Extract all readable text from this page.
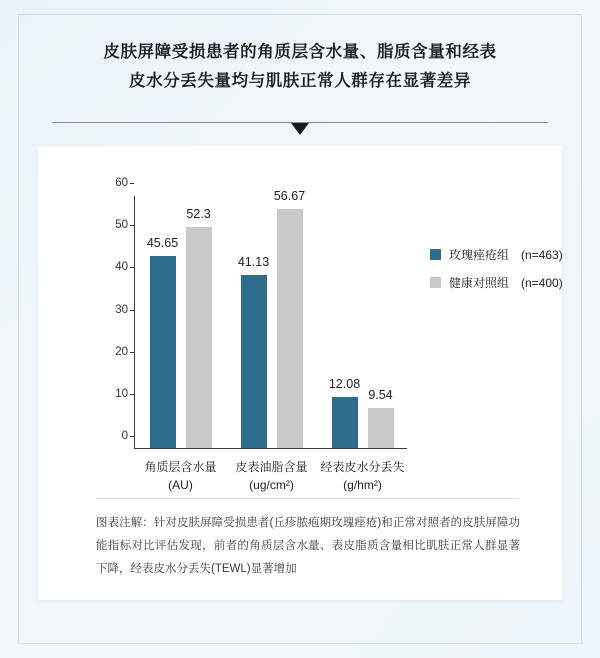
皮肤屏障受损患者的角质层含水量、脂质含量和经表
皮水分丢失量均与肌肤正常人群存在显著差异
0
10
20
30
40
50
60
45.65
52.3
角质层含水量
(AU)
41.13
56.67
皮表油脂含量
(ug/cm²)
12.08
9.54
经表皮水分丢失
(g/hm²)
玫瑰痤疮组 (n=463)
健康对照组 (n=400)
图表注解：针对皮肤屏障受损患者(丘疹脓疱期玫瑰痤疮)和正常对照者的皮肤屏障功能指标对比评估发现，前者的角质层含水量、表皮脂质含量相比肌肤正常人群显著下降，经表皮水分丢失(TEWL)显著增加
